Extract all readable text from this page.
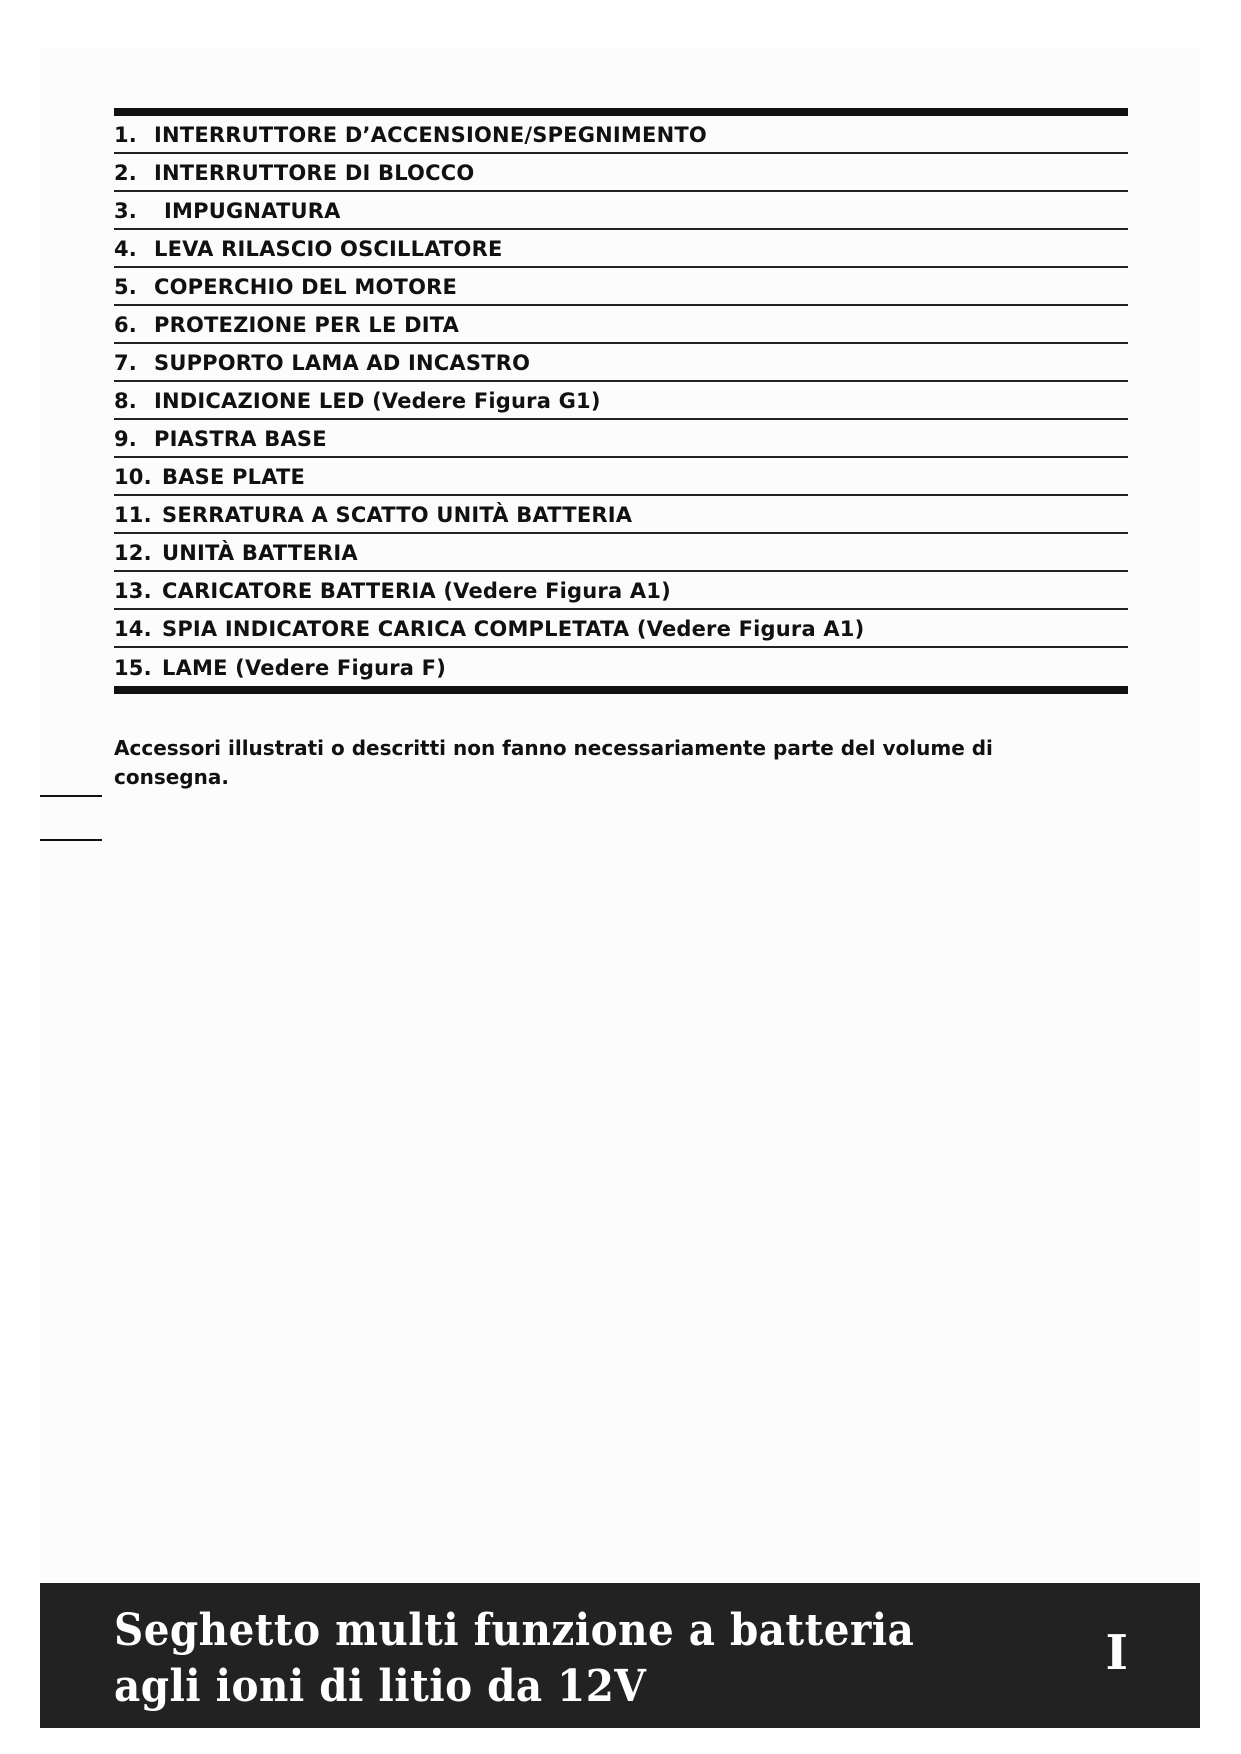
1. INTERRUTTORE D’ACCENSIONE/SPEGNIMENTO
2. INTERRUTTORE DI BLOCCO
3.	IMPUGNATURA
4. LEVA RILASCIO OSCILLATORE
5. COPERCHIO DEL MOTORE
6. PROTEZIONE PER LE DITA
7. SUPPORTO LAMA AD INCASTRO
8. INDICAZIONE LED (Vedere Figura G1)
9. PIASTRA BASE
10. BASE PLATE
11. SERRATURA A SCATTO UNITÀ BATTERIA
12. UNITÀ BATTERIA
13. CARICATORE BATTERIA (Vedere Figura A1)
14. SPIA INDICATORE CARICA COMPLETATA (Vedere Figura A1)
15. LAME (Vedere Figura F)
Accessori illustrati o descritti non fanno necessariamente parte del volume di consegna.
Seghetto multi funzione a batteria
agli ioni di litio da 12V
I
